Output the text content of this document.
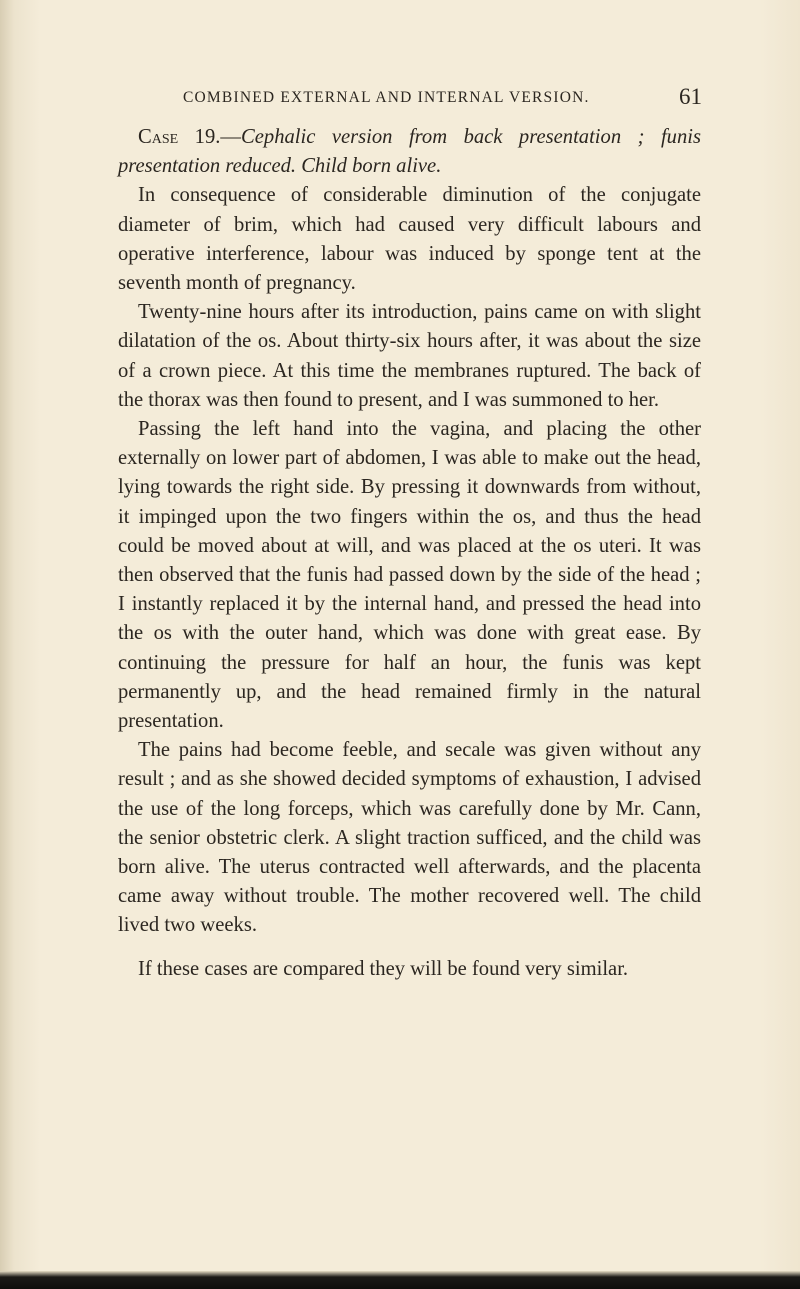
COMBINED EXTERNAL AND INTERNAL VERSION.	61

Case 19.—Cephalic version from back presentation ; funis presentation reduced. Child born alive.

In consequence of considerable diminution of the conjugate diameter of brim, which had caused very difficult labours and operative interference, labour was induced by sponge tent at the seventh month of pregnancy.

Twenty-nine hours after its introduction, pains came on with slight dilatation of the os. About thirty-six hours after, it was about the size of a crown piece. At this time the membranes ruptured. The back of the thorax was then found to present, and I was summoned to her.

Passing the left hand into the vagina, and placing the other externally on lower part of abdomen, I was able to make out the head, lying towards the right side. By pressing it downwards from without, it impinged upon the two fingers within the os, and thus the head could be moved about at will, and was placed at the os uteri. It was then observed that the funis had passed down by the side of the head ; I instantly replaced it by the internal hand, and pressed the head into the os with the outer hand, which was done with great ease. By continuing the pressure for half an hour, the funis was kept permanently up, and the head remained firmly in the natural presentation.

The pains had become feeble, and secale was given without any result ; and as she showed decided symptoms of exhaustion, I advised the use of the long forceps, which was carefully done by Mr. Cann, the senior obstetric clerk. A slight traction sufficed, and the child was born alive. The uterus contracted well afterwards, and the placenta came away without trouble. The mother recovered well. The child lived two weeks.

If these cases are compared they will be found very similar.
